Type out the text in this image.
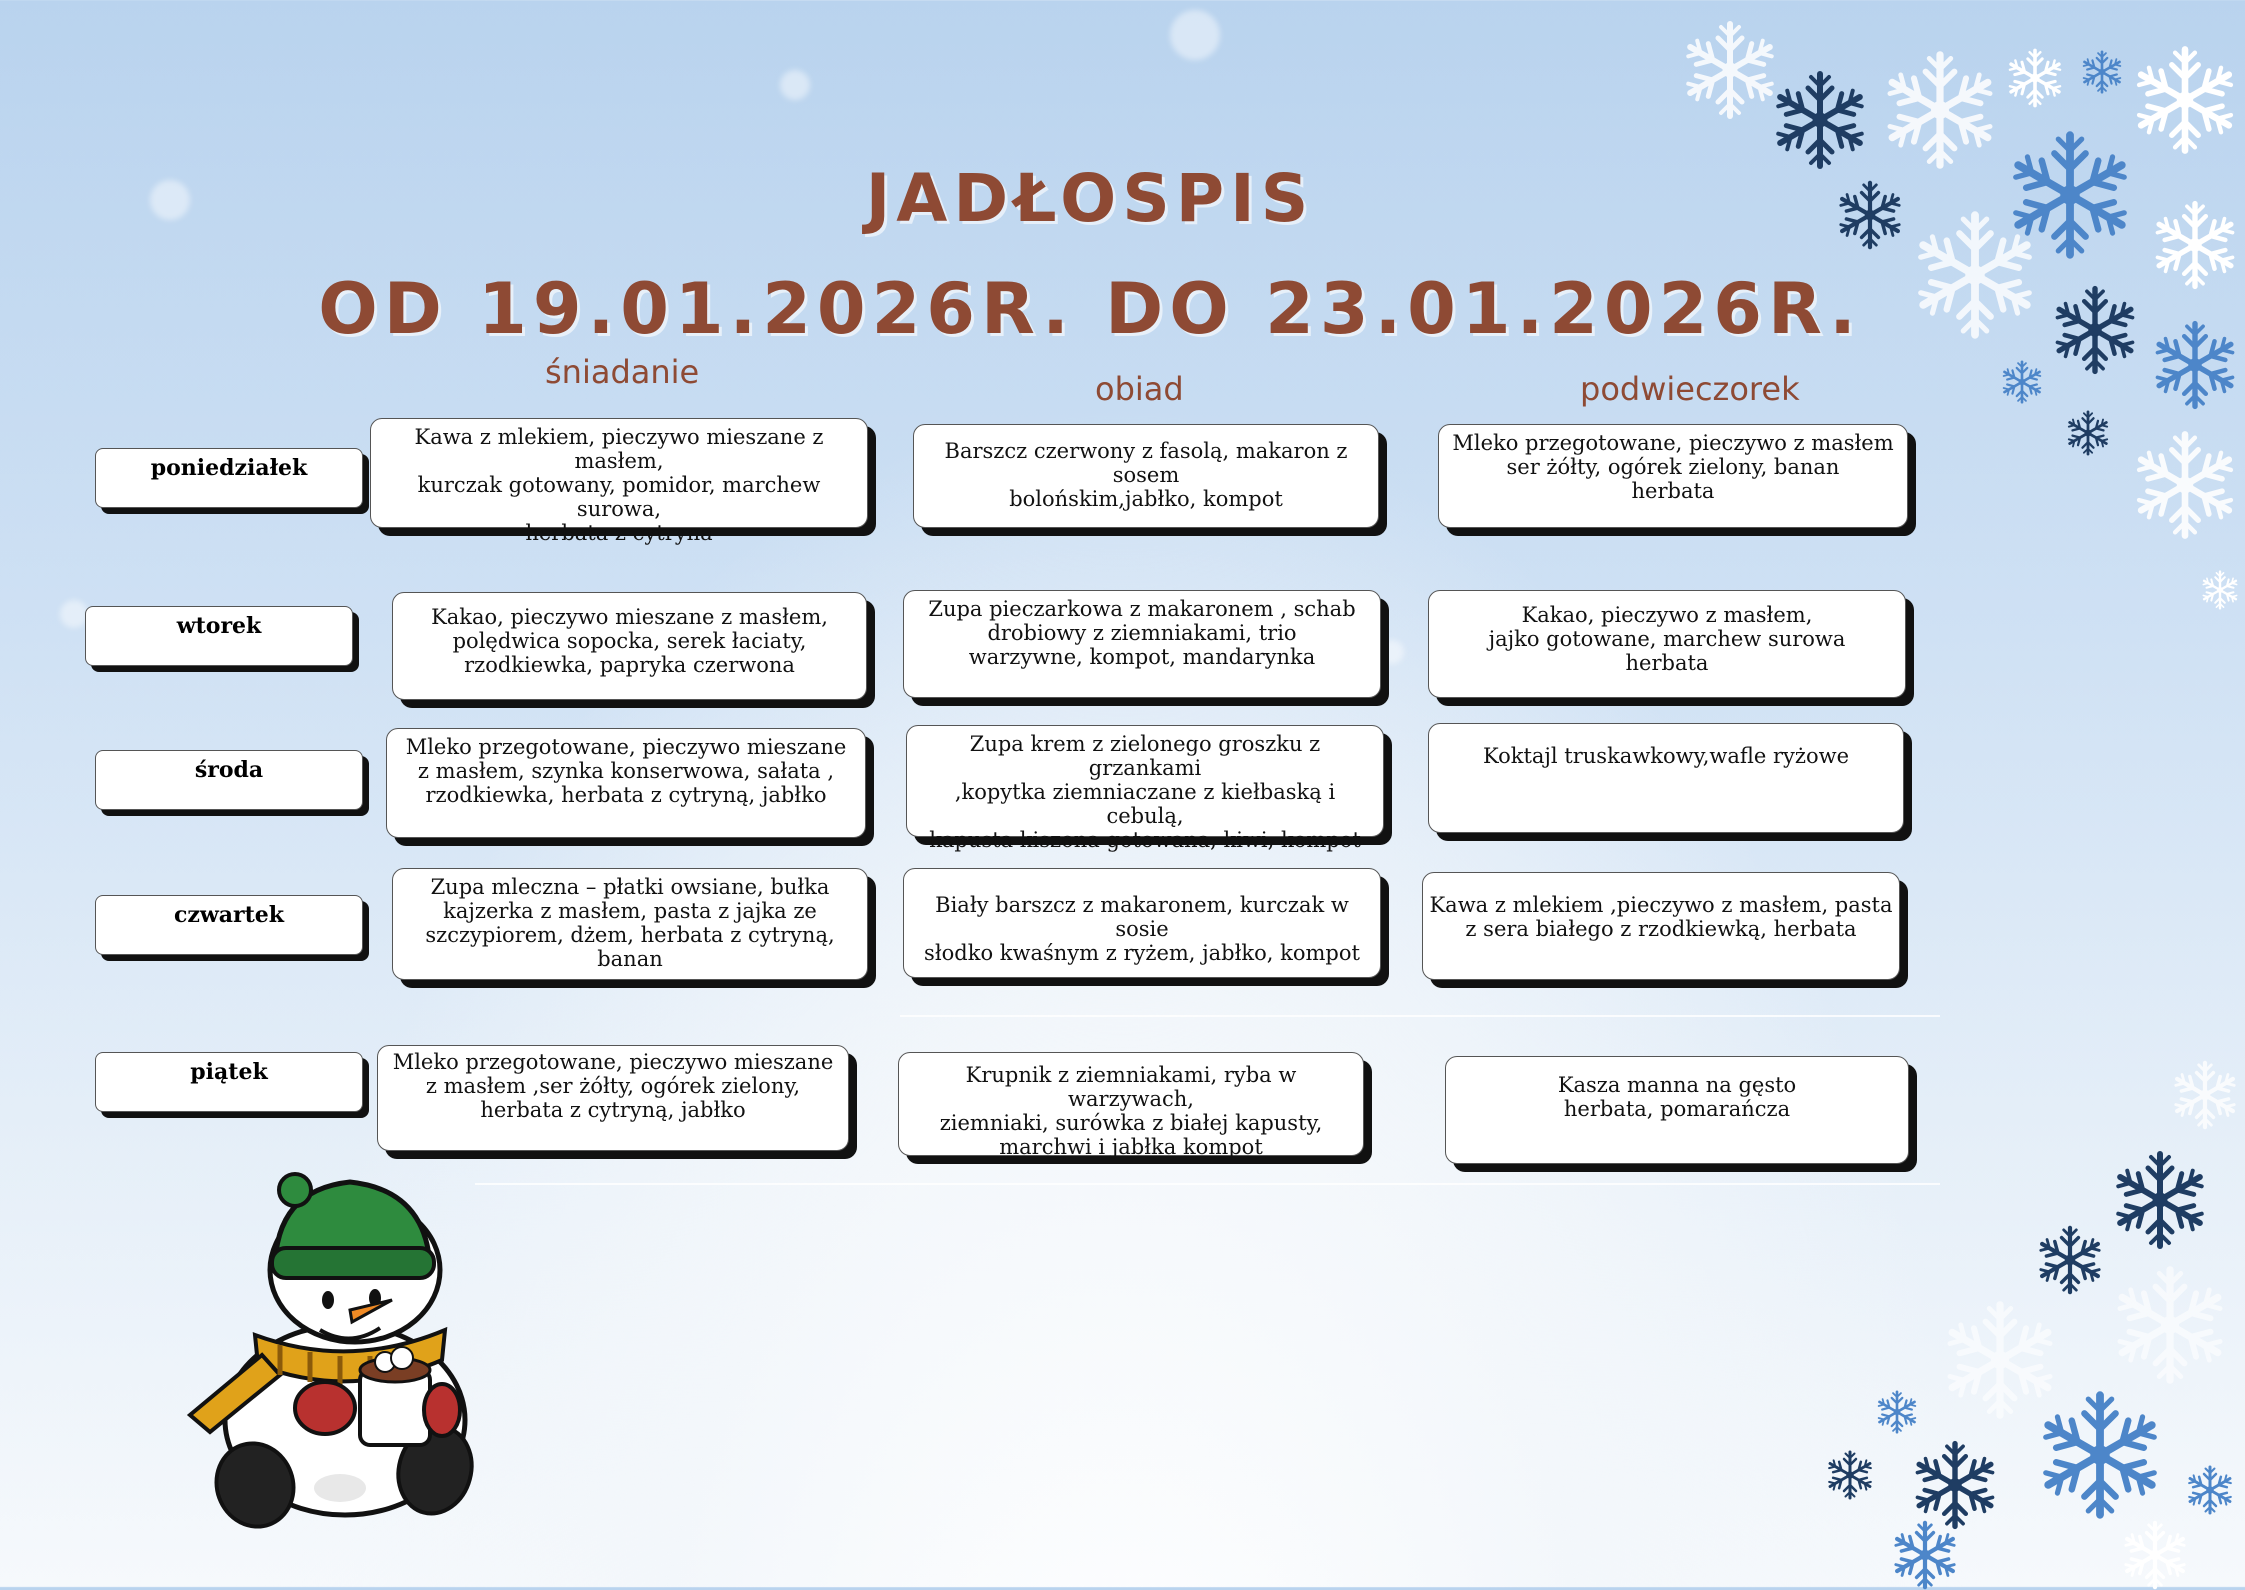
JADŁOSPIS
OD 19.01.2026R. DO 23.01.2026R.
śniadanie	obiad	podwieczorek
poniedziałek
wtorek
środa
czwartek
piątek
Kawa z mlekiem, pieczywo mieszane z masłem,
kurczak gotowany, pomidor, marchew surowa,
herbata z cytryna
Barszcz czerwony z fasolą, makaron z sosem
bolońskim,jabłko, kompot
Mleko przegotowane, pieczywo z masłem
ser żółty, ogórek zielony, banan
herbata
Kakao, pieczywo mieszane z masłem,
polędwica sopocka, serek łaciaty,
rzodkiewka, papryka czerwona
Zupa pieczarkowa z makaronem , schab
drobiowy z ziemniakami, trio
warzywne, kompot, mandarynka
Kakao, pieczywo z masłem,
jajko gotowane, marchew surowa
herbata
Mleko przegotowane, pieczywo mieszane
z masłem, szynka konserwowa, sałata ,
rzodkiewka, herbata z cytryną, jabłko
Zupa krem z zielonego groszku z grzankami
,kopytka ziemniaczane z kiełbaską i cebulą,
kapusta kiszona gotowana, kiwi, kompot
Koktajl truskawkowy,wafle ryżowe
Zupa mleczna – płatki owsiane, bułka
kajzerka z masłem, pasta z jajka ze
szczypiorem, dżem, herbata z cytryną,
banan
Biały barszcz z makaronem, kurczak w sosie
słodko kwaśnym z ryżem, jabłko, kompot
Kawa z mlekiem ,pieczywo z masłem, pasta
z sera białego z rzodkiewką, herbata
Mleko przegotowane, pieczywo mieszane
z masłem ,ser żółty, ogórek zielony,
herbata z cytryną, jabłko
Krupnik z ziemniakami, ryba w warzywach,
ziemniaki, surówka z białej kapusty,
marchwi i jabłka kompot
Kasza manna na gęsto
herbata, pomarańcza
